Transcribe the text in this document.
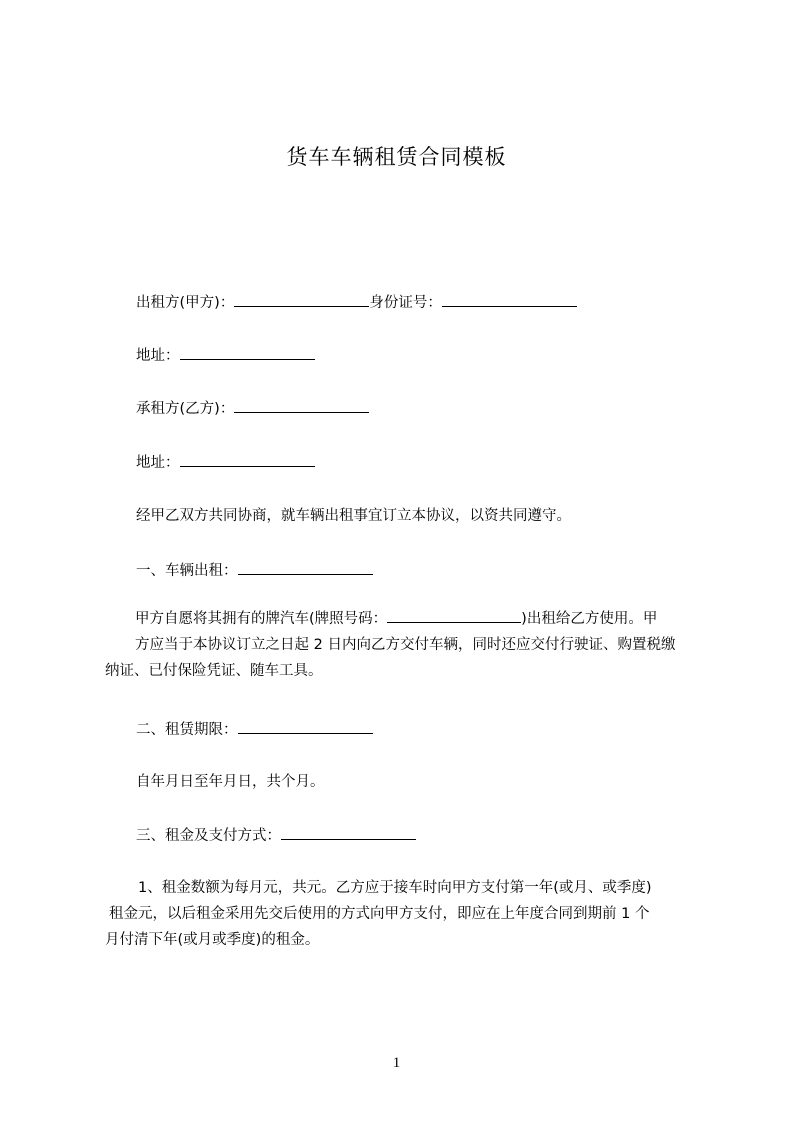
货车车辆租赁合同模板
出租方(甲方)：	身份证号：
地址：
承租方(乙方)：
地址：
经甲乙双方共同协商，就车辆出租事宜订立本协议，以资共同遵守。
一、车辆出租：
甲方自愿将其拥有的牌汽车(牌照号码：	)出租给乙方使用。甲
方应当于本协议订立之日起 2 日内向乙方交付车辆，同时还应交付行驶证、购置税缴
纳证、已付保险凭证、随车工具。
二、租赁期限：
自年月日至年月日，共个月。
三、租金及支付方式：
1、租金数额为每月元，共元。乙方应于接车时向甲方支付第一年(或月、或季度)
租金元，以后租金采用先交后使用的方式向甲方支付，即应在上年度合同到期前 1 个
月付清下年(或月或季度)的租金。
1
